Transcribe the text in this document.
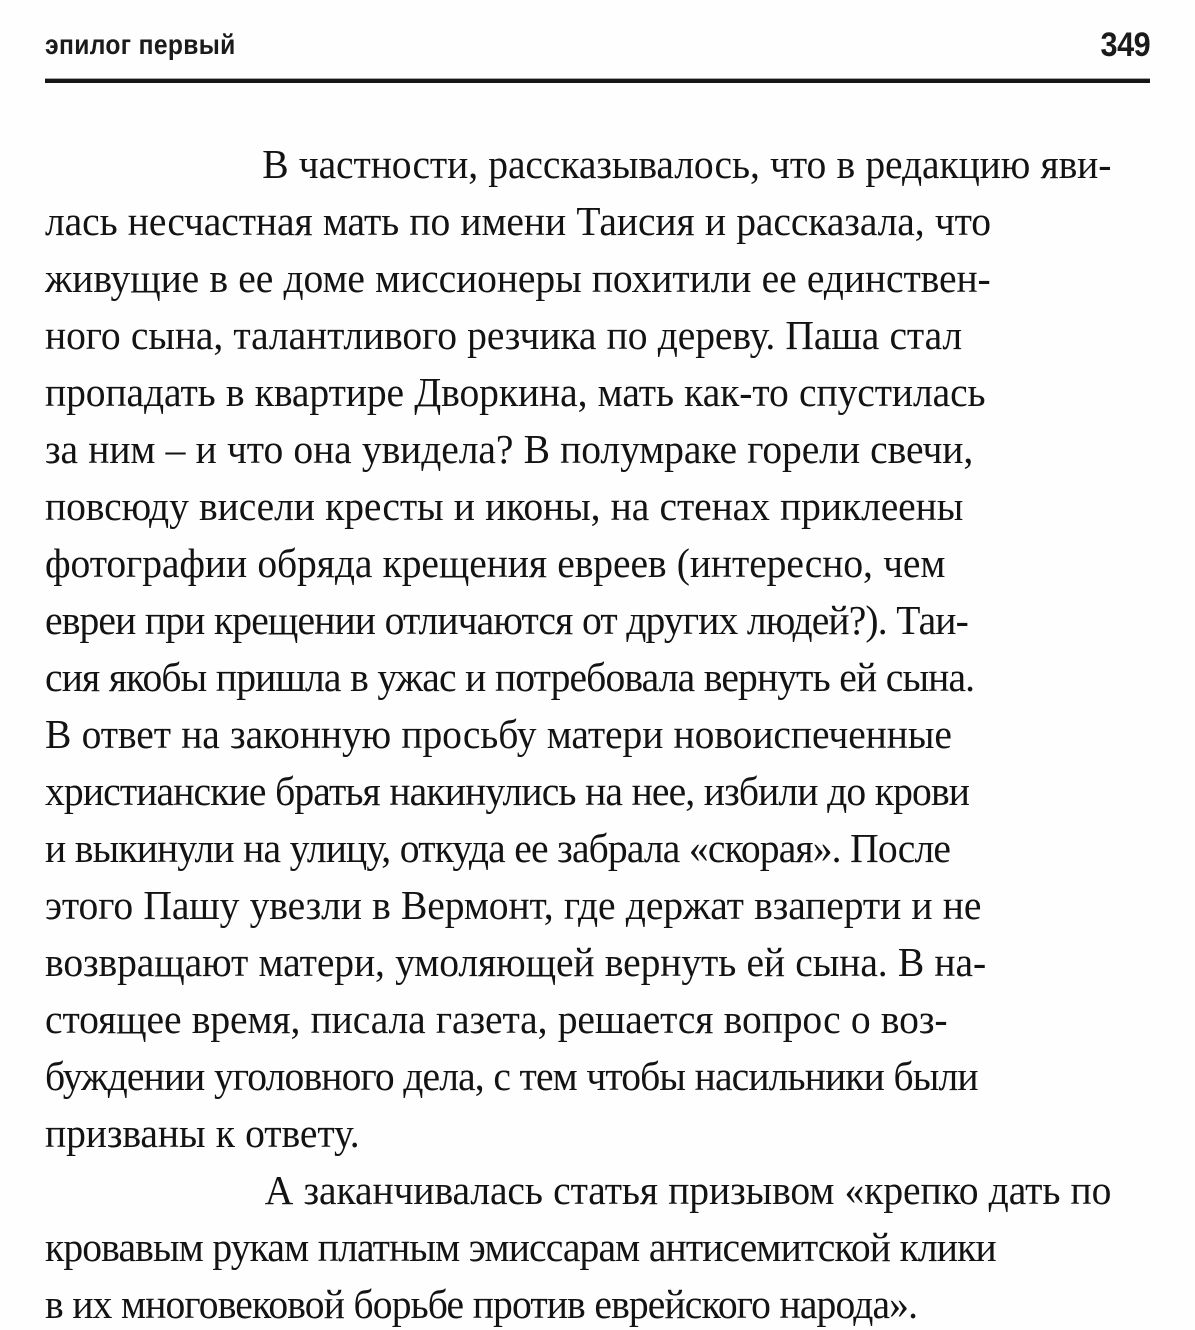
эпилог первый	349

В частности, рассказывалось, что в редакцию яви-
лась несчастная мать по имени Таисия и рассказала, что
живущие в ее доме миссионеры похитили ее единствен-
ного сына, талантливого резчика по дереву. Паша стал
пропадать в квартире Дворкина, мать как-то спустилась
за ним – и что она увидела? В полумраке горели свечи,
повсюду висели кресты и иконы, на стенах приклеены
фотографии обряда крещения евреев (интересно, чем
евреи при крещении отличаются от других людей?). Таи-
сия якобы пришла в ужас и потребовала вернуть ей сына.
В ответ на законную просьбу матери новоиспеченные
христианские братья накинулись на нее, избили до крови
и выкинули на улицу, откуда ее забрала «скорая». После
этого Пашу увезли в Вермонт, где держат взаперти и не
возвращают матери, умоляющей вернуть ей сына. В на-
стоящее время, писала газета, решается вопрос о воз-
буждении уголовного дела, с тем чтобы насильники были
призваны к ответу.

А заканчивалась статья призывом «крепко дать по
кровавым рукам платным эмиссарам антисемитской клики
в их многовековой борьбе против еврейского народа».
